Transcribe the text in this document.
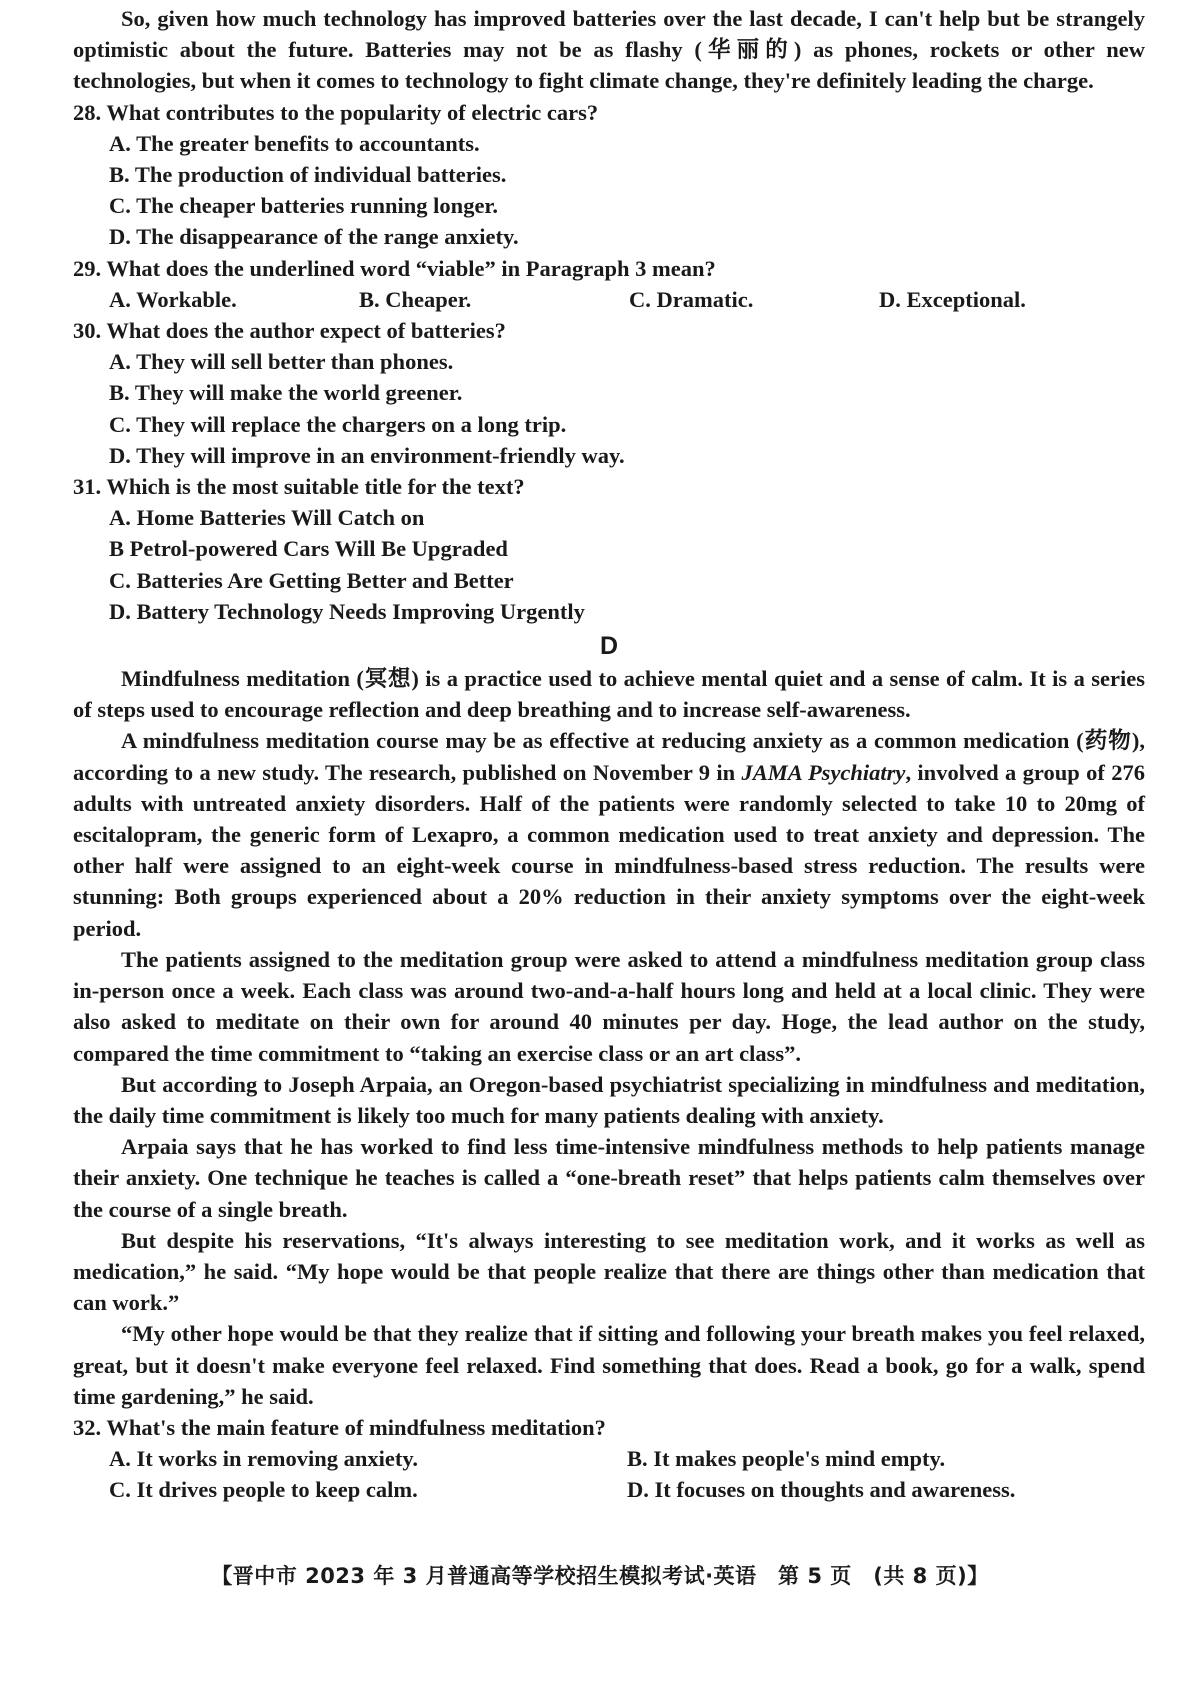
So, given how much technology has improved batteries over the last decade, I can't help but be strangely optimistic about the future. Batteries may not be as flashy (华丽的) as phones, rockets or other new technologies, but when it comes to technology to fight climate change, they're definitely leading the charge.

28. What contributes to the popularity of electric cars?

A. The greater benefits to accountants.

B. The production of individual batteries.

C. The cheaper batteries running longer.

D. The disappearance of the range anxiety.

29. What does the underlined word “viable” in Paragraph 3 mean?

A. Workable.	B. Cheaper.	C. Dramatic.	D. Exceptional.

30. What does the author expect of batteries?

A. They will sell better than phones.

B. They will make the world greener.

C. They will replace the chargers on a long trip.

D. They will improve in an environment-friendly way.

31. Which is the most suitable title for the text?

A. Home Batteries Will Catch on

B Petrol-powered Cars Will Be Upgraded

C. Batteries Are Getting Better and Better

D. Battery Technology Needs Improving Urgently

D

Mindfulness meditation (冥想) is a practice used to achieve mental quiet and a sense of calm. It is a series of steps used to encourage reflection and deep breathing and to increase self-awareness.

A mindfulness meditation course may be as effective at reducing anxiety as a common medication (药物), according to a new study. The research, published on November 9 in JAMA Psychiatry, involved a group of 276 adults with untreated anxiety disorders. Half of the patients were randomly selected to take 10 to 20mg of escitalopram, the generic form of Lexapro, a common medication used to treat anxiety and depression. The other half were assigned to an eight-week course in mindfulness-based stress reduction. The results were stunning: Both groups experienced about a 20% reduction in their anxiety symptoms over the eight-week period.

The patients assigned to the meditation group were asked to attend a mindfulness meditation group class in-person once a week. Each class was around two-and-a-half hours long and held at a local clinic. They were also asked to meditate on their own for around 40 minutes per day. Hoge, the lead author on the study, compared the time commitment to “taking an exercise class or an art class”.

But according to Joseph Arpaia, an Oregon-based psychiatrist specializing in mindfulness and meditation, the daily time commitment is likely too much for many patients dealing with anxiety.

Arpaia says that he has worked to find less time-intensive mindfulness methods to help patients manage their anxiety. One technique he teaches is called a “one-breath reset” that helps patients calm themselves over the course of a single breath.

But despite his reservations, “It's always interesting to see meditation work, and it works as well as medication,” he said. “My hope would be that people realize that there are things other than medication that can work.”

“My other hope would be that they realize that if sitting and following your breath makes you feel relaxed, great, but it doesn't make everyone feel relaxed. Find something that does. Read a book, go for a walk, spend time gardening,” he said.

32. What's the main feature of mindfulness meditation?

A. It works in removing anxiety.	B. It makes people's mind empty.
C. It drives people to keep calm.	D. It focuses on thoughts and awareness.
【晋中市 2023 年 3 月普通高等学校招生模拟考试·英语　第 5 页　(共 8 页)】
